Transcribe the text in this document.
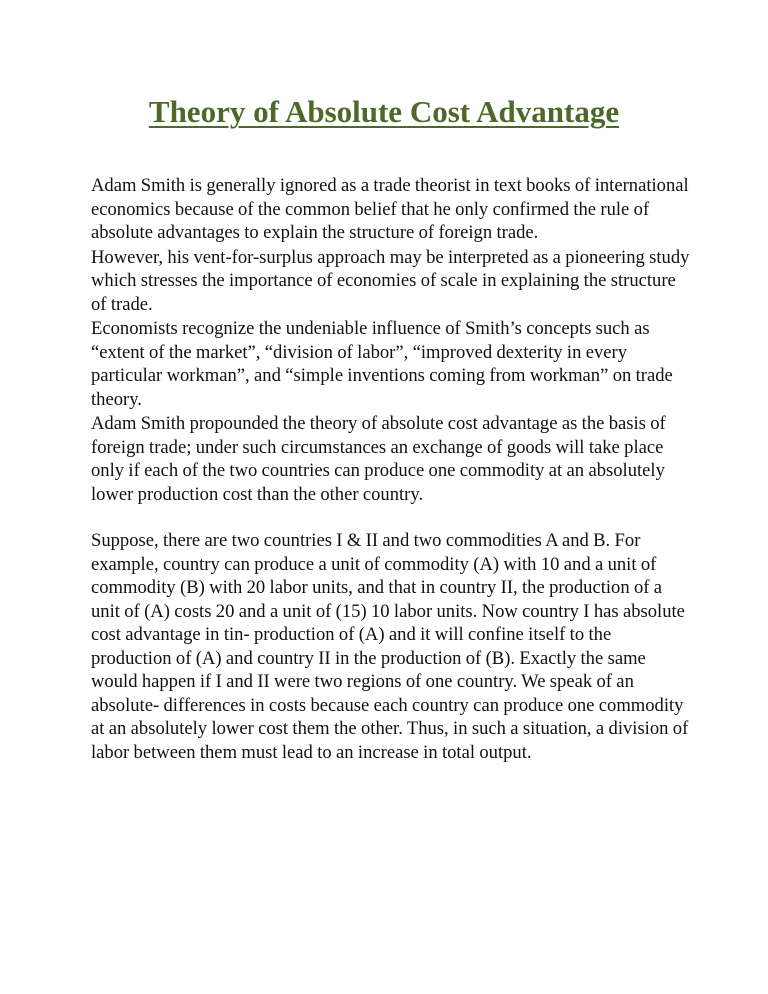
Theory of Absolute Cost Advantage

Adam Smith is generally ignored as a trade theorist in text books of international economics because of the common belief that he only confirmed the rule of absolute advantages to explain the structure of foreign trade.

However, his vent-for-surplus approach may be interpreted as a pioneering study which stresses the importance of economies of scale in explaining the structure of trade.

Economists recognize the undeniable influence of Smith’s concepts such as “extent of the market”, “division of labor”, “improved dexterity in every particular workman”, and “simple inventions coming from workman” on trade theory.

Adam Smith propounded the theory of absolute cost advantage as the basis of foreign trade; under such circumstances an exchange of goods will take place only if each of the two countries can produce one commodity at an absolutely lower production cost than the other country.

Suppose, there are two countries I & II and two commodities A and B. For example, country can produce a unit of commodity (A) with 10 and a unit of commodity (B) with 20 labor units, and that in country II, the production of a unit of (A) costs 20 and a unit of (15) 10 labor units. Now country I has absolute cost advantage in tin- production of (A) and it will confine itself to the production of (A) and country II in the production of (B). Exactly the same would happen if I and II were two regions of one country. We speak of an absolute- differences in costs because each country can produce one commodity at an absolutely lower cost them the other. Thus, in such a situation, a division of labor between them must lead to an increase in total output.
